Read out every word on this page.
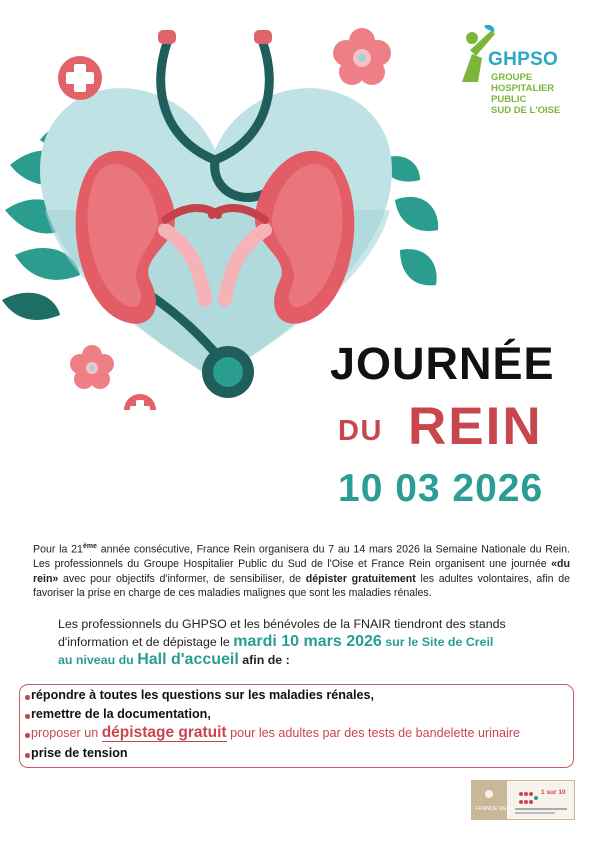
GHPSO
GROUPE
HOSPITALIER
PUBLIC
SUD DE L'OISE
JOURNÉE
DU REIN
10 03 2026
Pour la 21ème année consécutive, France Rein organisera du 7 au 14 mars 2026 la Semaine Nationale du Rein. Les professionnels du Groupe Hospitalier Public du Sud de l'Oise et France Rein organisent une journée «du rein» avec pour objectifs d'informer, de sensibiliser, de dépister gratuitement les adultes volontaires, afin de favoriser la prise en charge de ces maladies malignes que sont les maladies rénales.
Les professionnels du GHPSO et les bénévoles de la FNAIR tiendront des stands d'information et de dépistage le mardi 10 mars 2026 sur le Site de Creil
au niveau du Hall d'accueil afin de :
répondre à toutes les questions sur les maladies rénales,
remettre de la documentation,
proposer un dépistage gratuit pour les adultes par des tests de bandelette urinaire
prise de tension
FRANCE REIN
1 sur 10
